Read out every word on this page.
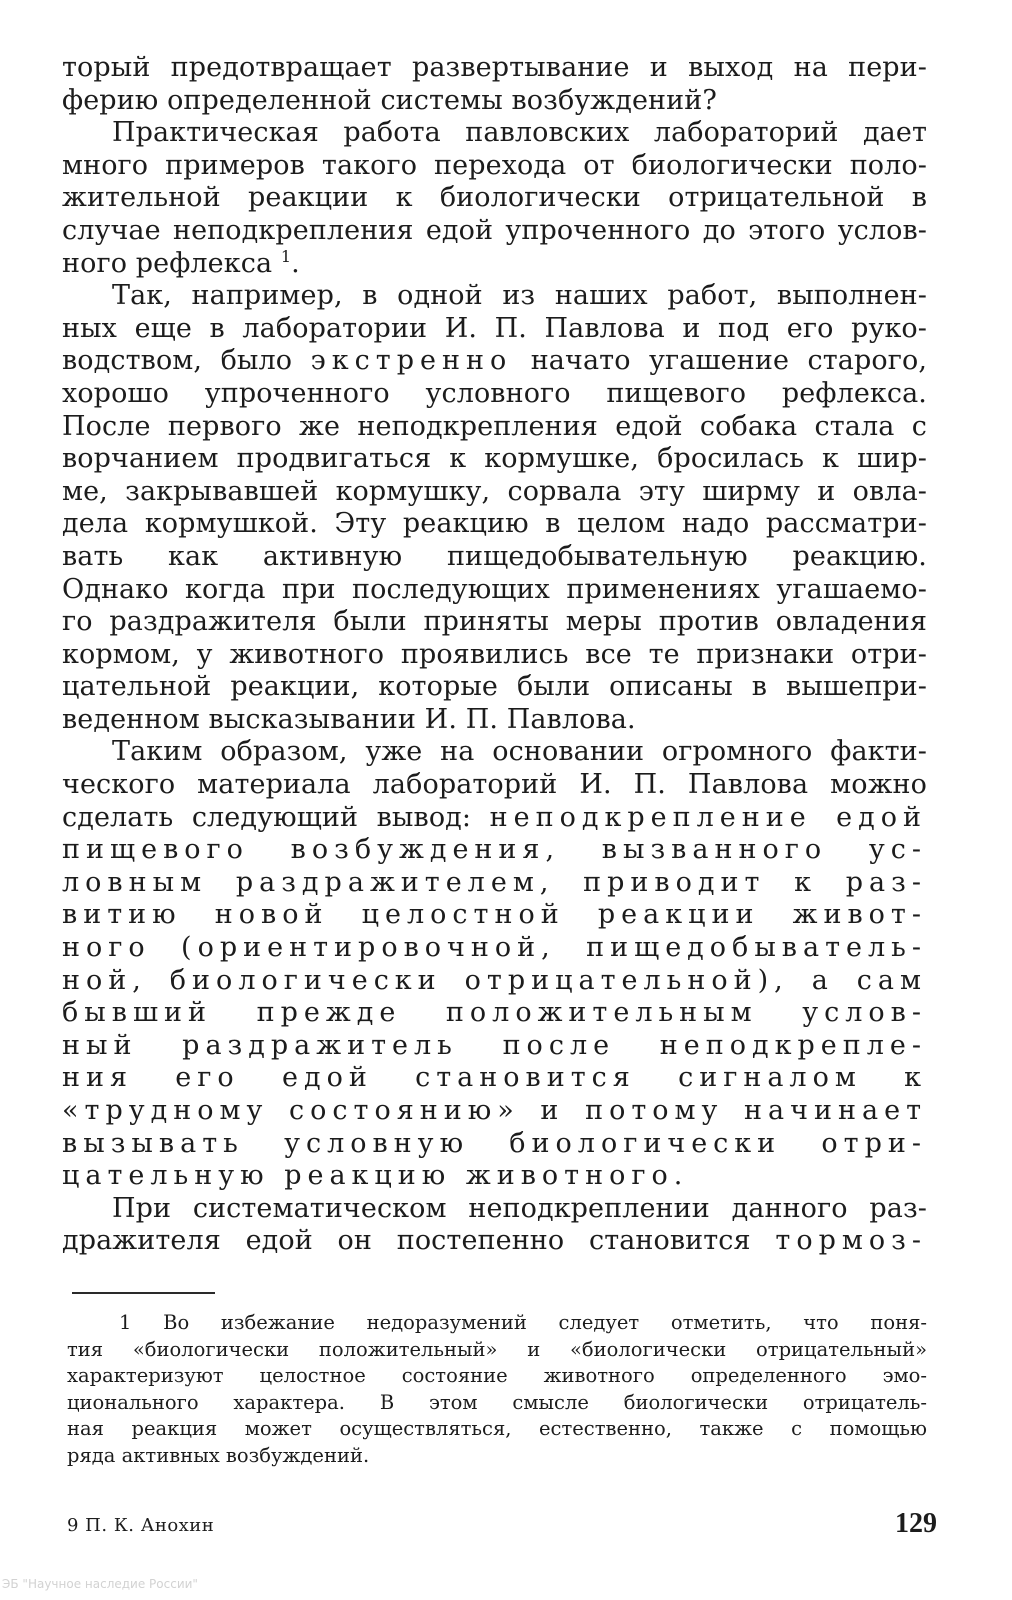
торый предотвращает развертывание и выход на пери-
ферию определенной системы возбуждений?
Практическая работа павловских лабораторий дает
много примеров такого перехода от биологически поло-
жительной реакции к биологически отрицательной в
случае неподкрепления едой упроченного до этого услов-
ного рефлекса $^1$.
Так, например, в одной из наших работ, выполнен-
ных еще в лаборатории И. П. Павлова и под его руко-
водством, было экстренно начато угашение старого,
хорошо упроченного условного пищевого рефлекса.
После первого же неподкрепления едой собака стала с
ворчанием продвигаться к кормушке, бросилась к шир-
ме, закрывавшей кормушку, сорвала эту ширму и овла-
дела кормушкой. Эту реакцию в целом надо рассматри-
вать как активную пищедобывательную реакцию.
Однако когда при последующих применениях угашаемо-
го раздражителя были приняты меры против овладения
кормом, у животного проявились все те признаки отри-
цательной реакции, которые были описаны в вышепри-
веденном высказывании И. П. Павлова.
Таким образом, уже на основании огромного факти-
ческого материала лабораторий И. П. Павлова можно
сделать следующий вывод: неподкрепление едой
пищевого возбуждения, вызванного ус-
ловным раздражителем, приводит к раз-
витию новой целостной реакции живот-
ного (ориентировочной, пищедобыватель-
ной, биологически отрицательной), а сам
бывший прежде положительным услов-
ный раздражитель после неподкрепле-
ния его едой становится сигналом к
«трудному состоянию» и потому начинает
вызывать условную биологически отри-
цательную реакцию животного.
При систематическом неподкреплении данного раз-
дражителя едой он постепенно становится тормоз-
1 Во избежание недоразумений следует отметить, что поня-
тия «биологически положительный» и «биологически отрицательный»
характеризуют целостное состояние животного определенного эмо-
ционального характера. В этом смысле биологически отрицатель-
ная реакция может осуществляться, естественно, также с помощью
ряда активных возбуждений.
9 П. К. Анохин	129
ЭБ "Научное наследие России"
